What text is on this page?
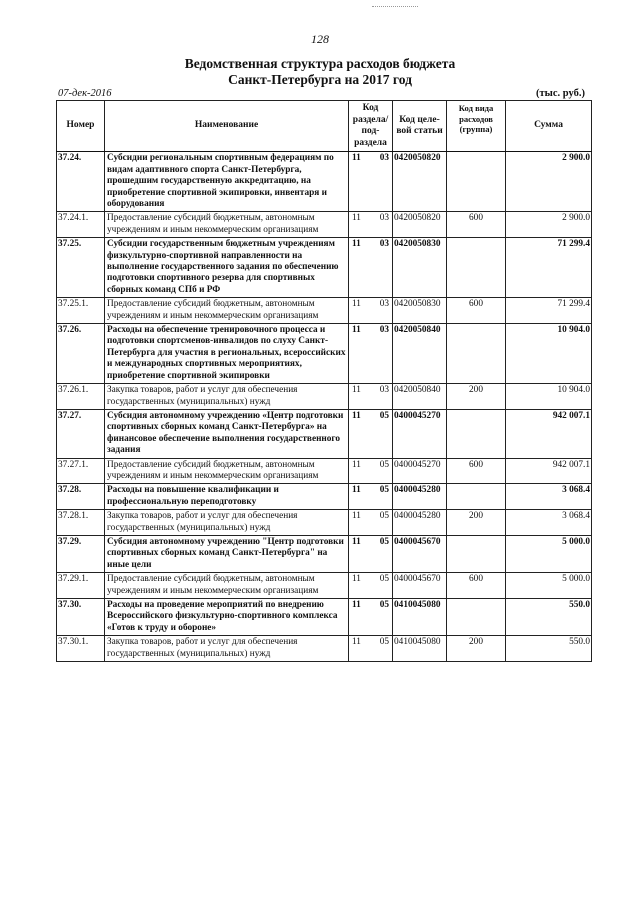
128
Ведомственная структура расходов бюджета
Санкт-Петербурга на 2017 год
07-дек-2016	(тыс. руб.)
Номер	Наименование	Код раздела/ под-раздела		Код целе-вой статьи	Код вида расходов (группа)	Сумма
37.24.	Субсидии региональным спортивным федерациям по видам адаптивного спорта Санкт-Петербурга, прошедшим государственную аккредитацию, на приобретение спортивной экипировки, инвентаря и оборудования	11	03	0420050820		2 900.0
37.24.1.	Предоставление субсидий бюджетным, автономным учреждениям и иным некоммерческим организациям	11	03	0420050820	600	2 900.0
37.25.	Субсидии государственным бюджетным учреждениям физкультурно-спортивной направленности на выполнение государственного задания по обеспечению подготовки спортивного резерва для спортивных сборных команд СПб и РФ	11	03	0420050830		71 299.4
37.25.1.	Предоставление субсидий бюджетным, автономным учреждениям и иным некоммерческим организациям	11	03	0420050830	600	71 299.4
37.26.	Расходы на обеспечение тренировочного процесса и подготовки спортсменов-инвалидов по слуху Санкт-Петербурга для участия в региональных, всероссийских и международных спортивных мероприятиях, приобретение спортивной экипировки	11	03	0420050840		10 904.0
37.26.1.	Закупка товаров, работ и услуг для обеспечения государственных (муниципальных) нужд	11	03	0420050840	200	10 904.0
37.27.	Субсидия автономному учреждению «Центр подготовки спортивных сборных команд Санкт-Петербурга» на финансовое обеспечение выполнения государственного задания	11	05	0400045270		942 007.1
37.27.1.	Предоставление субсидий бюджетным, автономным учреждениям и иным некоммерческим организациям	11	05	0400045270	600	942 007.1
37.28.	Расходы на повышение квалификации и профессиональную переподготовку	11	05	0400045280		3 068.4
37.28.1.	Закупка товаров, работ и услуг для обеспечения государственных (муниципальных) нужд	11	05	0400045280	200	3 068.4
37.29.	Субсидия автономному учреждению "Центр подготовки спортивных сборных команд Санкт-Петербурга" на иные цели	11	05	0400045670		5 000.0
37.29.1.	Предоставление субсидий бюджетным, автономным учреждениям и иным некоммерческим организациям	11	05	0400045670	600	5 000.0
37.30.	Расходы на проведение мероприятий по внедрению Всероссийского физкультурно-спортивного комплекса «Готов к труду и обороне»	11	05	0410045080		550.0
37.30.1.	Закупка товаров, работ и услуг для обеспечения государственных (муниципальных) нужд	11	05	0410045080	200	550.0
